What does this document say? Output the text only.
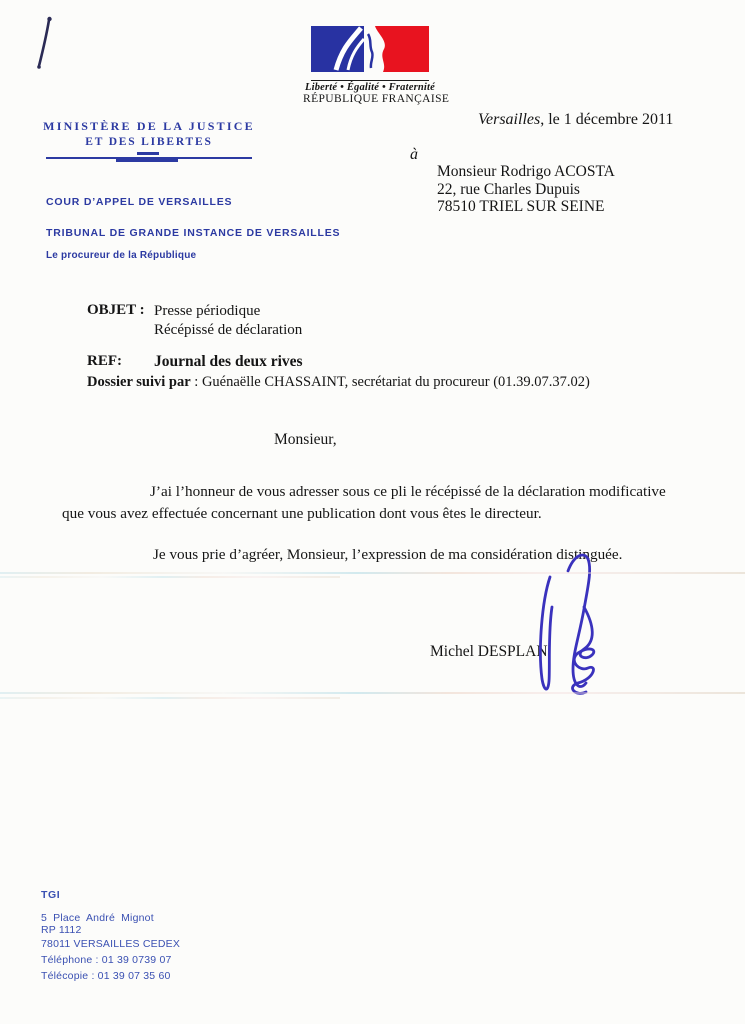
Liberté • Égalité • Fraternité
RÉPUBLIQUE FRANÇAISE
MINISTÈRE DE LA JUSTICE
ET DES LIBERTES
COUR D’APPEL DE VERSAILLES
TRIBUNAL DE GRANDE INSTANCE DE VERSAILLES
Le procureur de la République
Versailles, le 1 décembre 2011
à
Monsieur Rodrigo ACOSTA
22, rue Charles Dupuis
78510 TRIEL SUR SEINE
OBJET : Presse périodique
Récépissé de déclaration
REF: Journal des deux rives
Dossier suivi par : Guénaëlle CHASSAINT, secrétariat du procureur (01.39.07.37.02)
Monsieur,
J’ai l’honneur de vous adresser sous ce pli le récépissé de la déclaration modificative que vous avez effectuée concernant une publication dont vous êtes le directeur.
Je vous prie d’agréer, Monsieur, l’expression de ma considération distinguée.
Michel DESPLAN
TGI
5 Place André Mignot
RP 1112
78011 VERSAILLES CEDEX
Téléphone : 01 39 0739 07
Télécopie : 01 39 07 35 60
